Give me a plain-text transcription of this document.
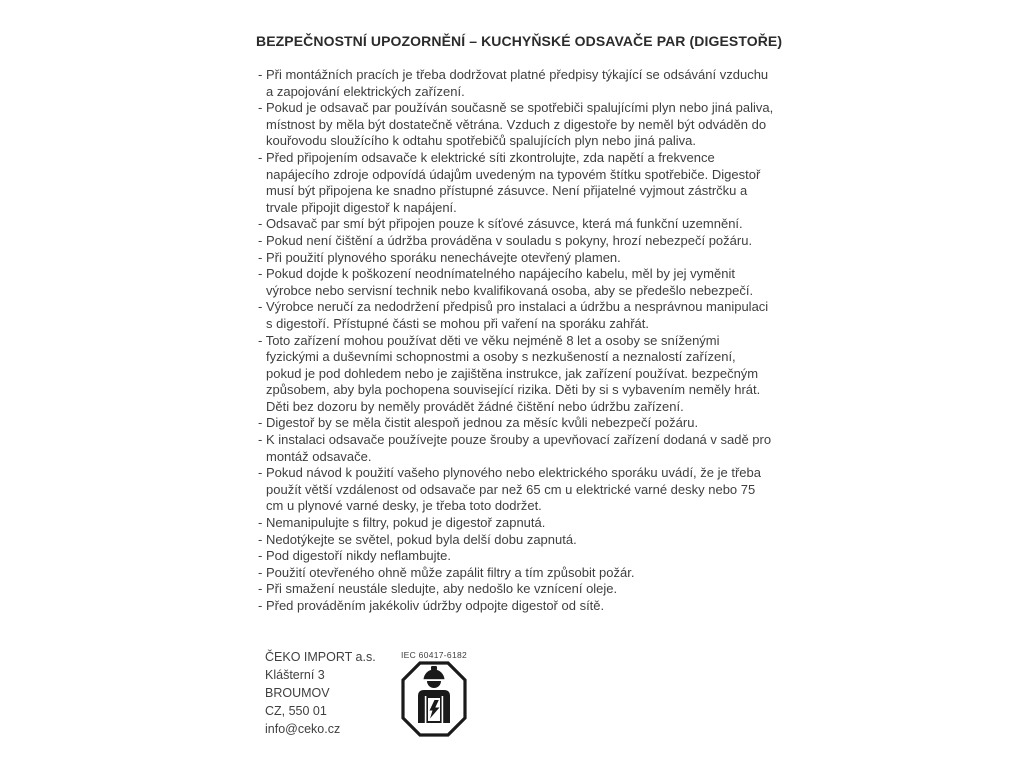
BEZPEČNOSTNÍ UPOZORNĚNÍ – KUCHYŇSKÉ ODSAVAČE PAR (DIGESTOŘE)
- Při montážních pracích je třeba dodržovat platné předpisy týkající se odsávání vzduchu a zapojování elektrických zařízení.
- Pokud je odsavač par používán současně se spotřebiči spalujícími plyn nebo jiná paliva, místnost by měla být dostatečně větrána. Vzduch z digestoře by neměl být odváděn do kouřovodu sloužícího k odtahu spotřebičů spalujících plyn nebo jiná paliva.
- Před připojením odsavače k elektrické síti zkontrolujte, zda napětí a frekvence napájecího zdroje odpovídá údajům uvedeným na typovém štítku spotřebiče. Digestoř musí být připojena ke snadno přístupné zásuvce. Není přijatelné vyjmout zástrčku a trvale připojit digestoř k napájení.
- Odsavač par smí být připojen pouze k síťové zásuvce, která má funkční uzemnění.
- Pokud není čištění a údržba prováděna v souladu s pokyny, hrozí nebezpečí požáru.
- Při použití plynového sporáku nenechávejte otevřený plamen.
- Pokud dojde k poškození neodnímatelného napájecího kabelu, měl by jej vyměnit výrobce nebo servisní technik nebo kvalifikovaná osoba, aby se předešlo nebezpečí.
- Výrobce neručí za nedodržení předpisů pro instalaci a údržbu a nesprávnou manipulaci s digestoří. Přístupné části se mohou při vaření na sporáku zahřát.
- Toto zařízení mohou používat děti ve věku nejméně 8 let a osoby se sníženými fyzickými a duševními schopnostmi a osoby s nezkušeností a neznalostí zařízení, pokud je pod dohledem nebo je zajištěna instrukce, jak zařízení používat. bezpečným způsobem, aby byla pochopena související rizika. Děti by si s vybavením neměly hrát. Děti bez dozoru by neměly provádět žádné čištění nebo údržbu zařízení.
- Digestoř by se měla čistit alespoň jednou za měsíc kvůli nebezpečí požáru.
- K instalaci odsavače používejte pouze šrouby a upevňovací zařízení dodaná v sadě pro montáž odsavače.
- Pokud návod k použití vašeho plynového nebo elektrického sporáku uvádí, že je třeba použít větší vzdálenost od odsavače par než 65 cm u elektrické varné desky nebo 75 cm u plynové varné desky, je třeba toto dodržet.
- Nemanipulujte s filtry, pokud je digestoř zapnutá.
- Nedotýkejte se světel, pokud byla delší dobu zapnutá.
- Pod digestoří nikdy neflambujte.
- Použití otevřeného ohně může zapálit filtry a tím způsobit požár.
- Při smažení neustále sledujte, aby nedošlo ke vznícení oleje.
- Před prováděním jakékoliv údržby odpojte digestoř od sítě.
ČEKO IMPORT a.s.
Klášterní 3
BROUMOV
CZ, 550 01
info@ceko.cz
IEC 60417-6182
